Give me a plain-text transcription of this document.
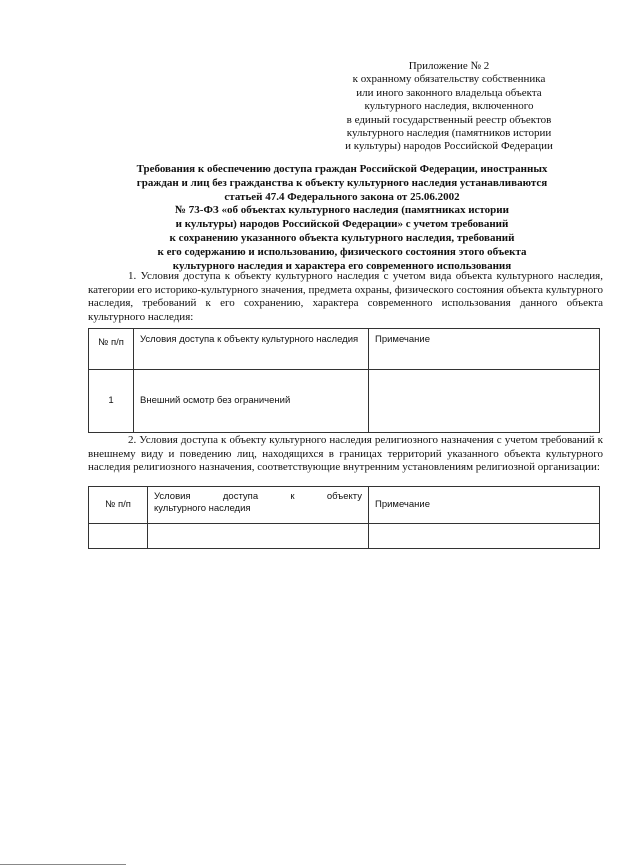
Приложение № 2
к охранному обязательству собственника
или иного законного владельца объекта
культурного наследия, включенного
в единый государственный реестр объектов
культурного наследия (памятников истории
и культуры) народов Российской Федерации
Требования к обеспечению доступа граждан Российской Федерации, иностранных
граждан и лиц без гражданства к объекту культурного наследия устанавливаются
статьей 47.4 Федерального закона от 25.06.2002
№ 73-ФЗ «об объектах культурного наследия (памятниках истории
и культуры) народов Российской Федерации» с учетом требований
к сохранению указанного объекта культурного наследия, требований
к его содержанию и использованию, физического состояния этого объекта
культурного наследия и характера его современного использования
1. Условия доступа к объекту культурного наследия с учетом вида объекта культурного наследия, категории его историко-культурного значения, предмета охраны, физического состояния объекта культурного наследия, требований к его сохранению, характера современного использования данного объекта культурного наследия:
№ п/п	Условия доступа к объекту культурного наследия	Примечание
1	Внешний осмотр без ограничений	
2. Условия доступа к объекту культурного наследия религиозного назначения с учетом требований к внешнему виду и поведению лиц, находящихся в границах территорий указанного объекта культурного наследия религиозного назначения, соответствующие внутренним установлениям религиозной организации:
№ п/п	Условия доступа к объекту
культурного наследия	Примечание
